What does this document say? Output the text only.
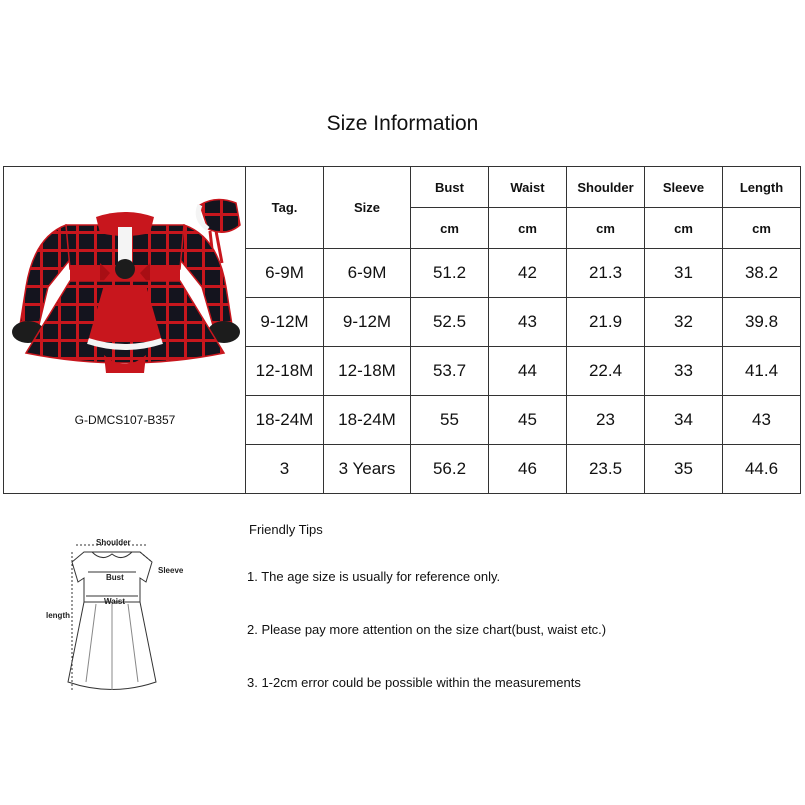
Size Information
G-DMCS107-B357	Tag.	Size	Bust	Waist	Shoulder	Sleeve	Length
			cm	cm	cm	cm	cm
	6-9M	6-9M	51.2	42	21.3	31	38.2
	9-12M	9-12M	52.5	43	21.9	32	39.8
	12-18M	12-18M	53.7	44	22.4	33	41.4
	18-24M	18-24M	55	45	23	34	43
	3	3 Years	56.2	46	23.5	35	44.6
Shoulder
Sleeve
Bust
Waist
length
Friendly Tips
1. The age size is usually for reference only.
2. Please pay more attention on the size chart(bust, waist etc.)
3. 1-2cm error could be possible within the measurements
